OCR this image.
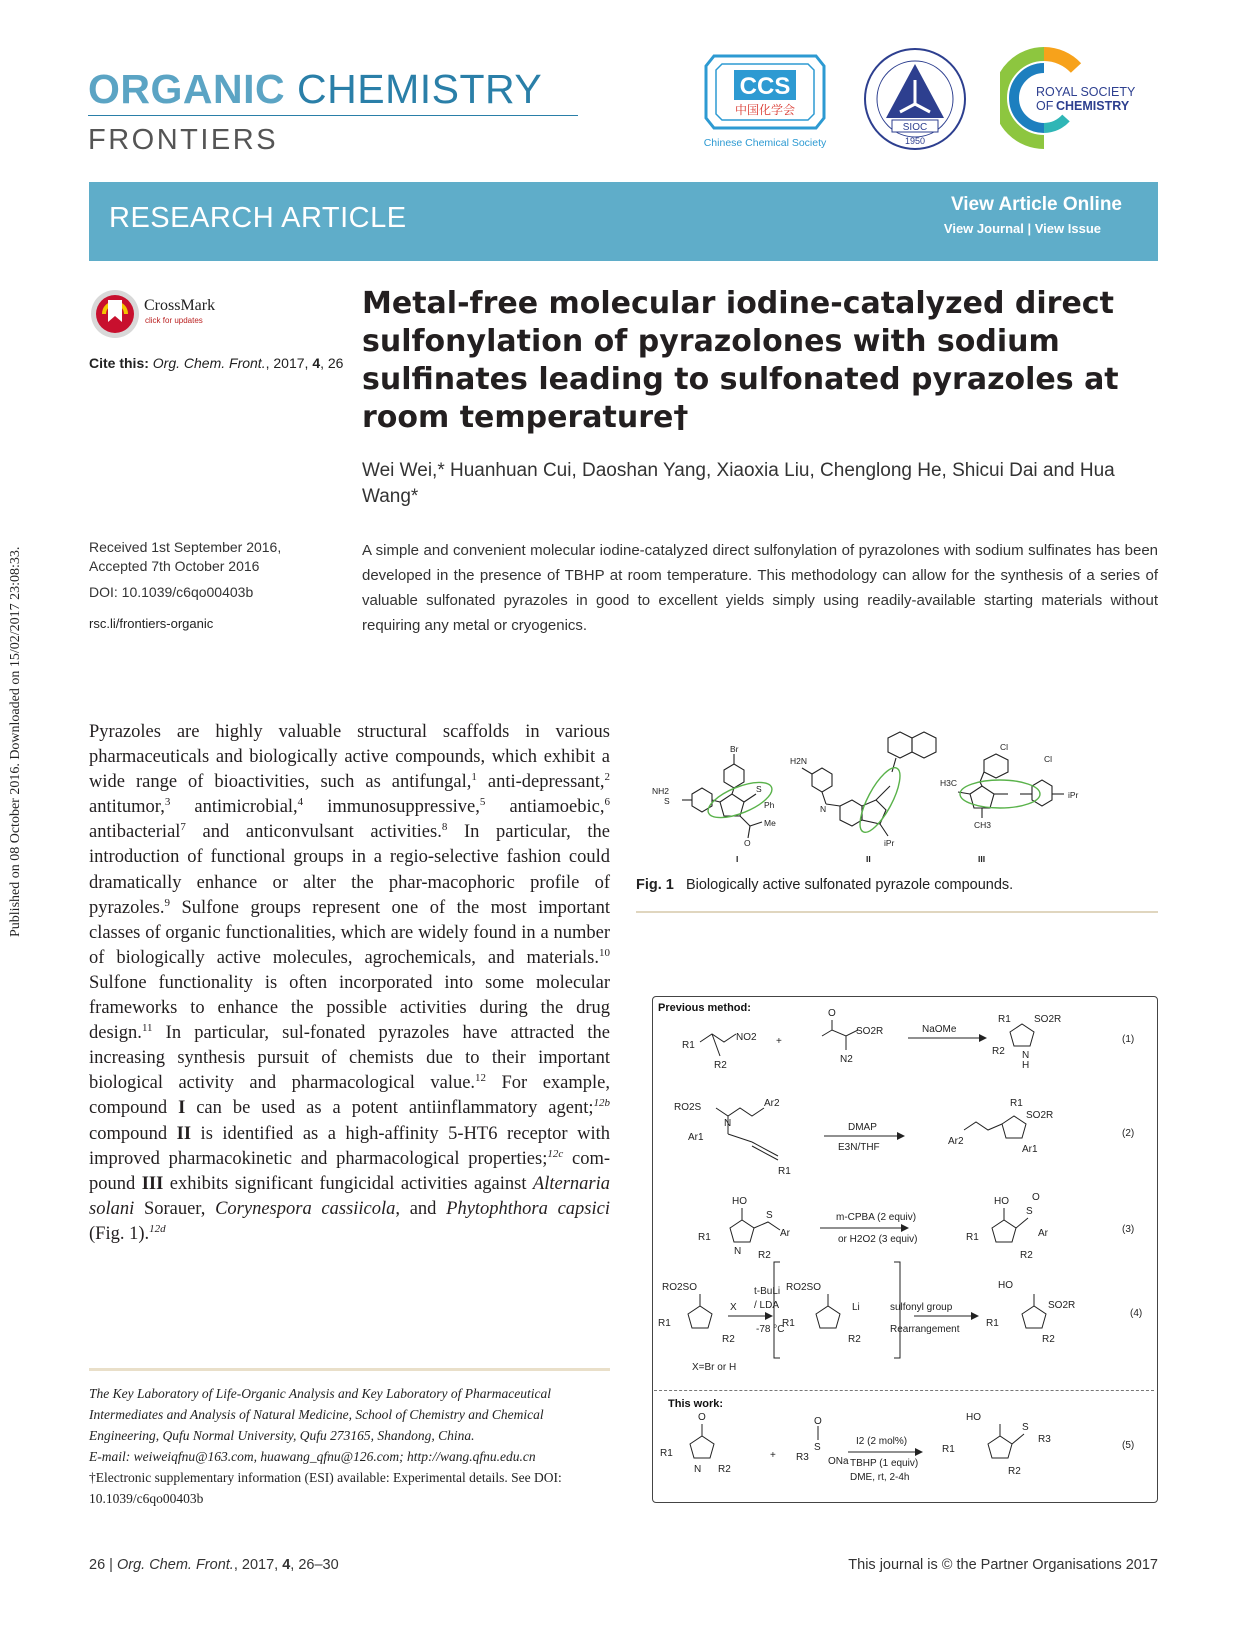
ORGANIC CHEMISTRY
FRONTIERS
CCS
中国化学会
Chinese Chemical Society
SIOC
1950
ROYAL SOCIETY
OF CHEMISTRY
RESEARCH ARTICLE	View Article Online
View Journal | View Issue
Published on 08 October 2016. Downloaded on 15/02/2017 23:08:33.
CrossMark
click for updates
Cite this: Org. Chem. Front., 2017, 4, 26
Received 1st September 2016,
Accepted 7th October 2016
DOI: 10.1039/c6qo00403b
rsc.li/frontiers-organic
Metal-free molecular iodine-catalyzed direct sulfonylation of pyrazolones with sodium sulfinates leading to sulfonated pyrazoles at room temperature†
Wei Wei,* Huanhuan Cui, Daoshan Yang, Xiaoxia Liu, Chenglong He, Shicui Dai and Hua Wang*
A simple and convenient molecular iodine-catalyzed direct sulfonylation of pyrazolones with sodium sulfinates has been developed in the presence of TBHP at room temperature. This methodology can allow for the synthesis of a series of valuable sulfonated pyrazoles in good to excellent yields simply using readily-available starting materials without requiring any metal or cryogenics.
Pyrazoles are highly valuable structural scaffolds in various pharmaceuticals and biologically active compounds, which exhibit a wide range of bioactivities, such as antifungal,$^1$ anti-depressant,$^2$ antitumor,$^3$ antimicrobial,$^4$ immunosuppressive,$^5$ antiamoebic,$^6$ antibacterial$^7$ and anticonvulsant activities.$^8$ In particular, the introduction of functional groups in a regio-selective fashion could dramatically enhance or alter the phar-macophoric profile of pyrazoles.$^9$ Sulfone groups represent one of the most important classes of organic functionalities, which are widely found in a number of biologically active molecules, agrochemicals, and materials.$^{10}$ Sulfone functionality is often incorporated into some molecular frameworks to enhance the possible activities during the drug design.$^{11}$ In particular, sul-fonated pyrazoles have attracted the increasing synthesis pursuit of chemists due to their important biological activity and pharmacological value.$^{12}$ For example, compound I can be used as a potent antiinflammatory agent;$^{12b}$ compound II is identified as a high-affinity 5-HT6 receptor with improved pharmacokinetic and pharmacological properties;$^{12c}$ com-pound III exhibits significant fungicidal activities against Alternaria solani Sorauer, Corynespora cassiicola, and Phytophthora capsici (Fig. 1).$^{12d}$
The Key Laboratory of Life-Organic Analysis and Key Laboratory of Pharmaceutical Intermediates and Analysis of Natural Medicine, School of Chemistry and Chemical Engineering, Qufu Normal University, Qufu 273165, Shandong, China.
E-mail: weiweiqfnu@163.com, huawang_qfnu@126.com; http://wang.qfnu.edu.cn
†Electronic supplementary information (ESI) available: Experimental details. See DOI: 10.1039/c6qo00403b
Br
NH2
S
S
Ph
Me
O
H2N
N
iPr
Cl
Cl
H3C
CH3
iPr
I	II	III
Fig. 1 Biologically active sulfonated pyrazole compounds.
Previous method:
This work:
R1
NO2
R2
+
O
SO2R
N2
NaOMe
R1 SO2R
R2 N
H
(1)
RO2S
N
Ar2
Ar1
R1
DMAP
E3N/THF
R1
SO2R
Ar2
Ar1
(2)
HO
S
Ar
R1
N R2
m-CPBA (2 equiv)
or H2O2 (3 equiv)
HO
S
O
Ar
R1
R2
(3)
RO2SO
R1
X
R2
X=Br or H
t-BuLi
/ LDA
-78 °C
RO2SO
R1
Li
R2
sulfonyl group
Rearrangement
HO
SO2R
R1
R2
(4)
O
R1
N R2
+
O
R3
S
ONa
I2 (2 mol%)
TBHP (1 equiv)
DME, rt, 2-4h
HO
S
R3
R1
R2
(5)
26 | Org. Chem. Front., 2017, 4, 26–30	This journal is © the Partner Organisations 2017
